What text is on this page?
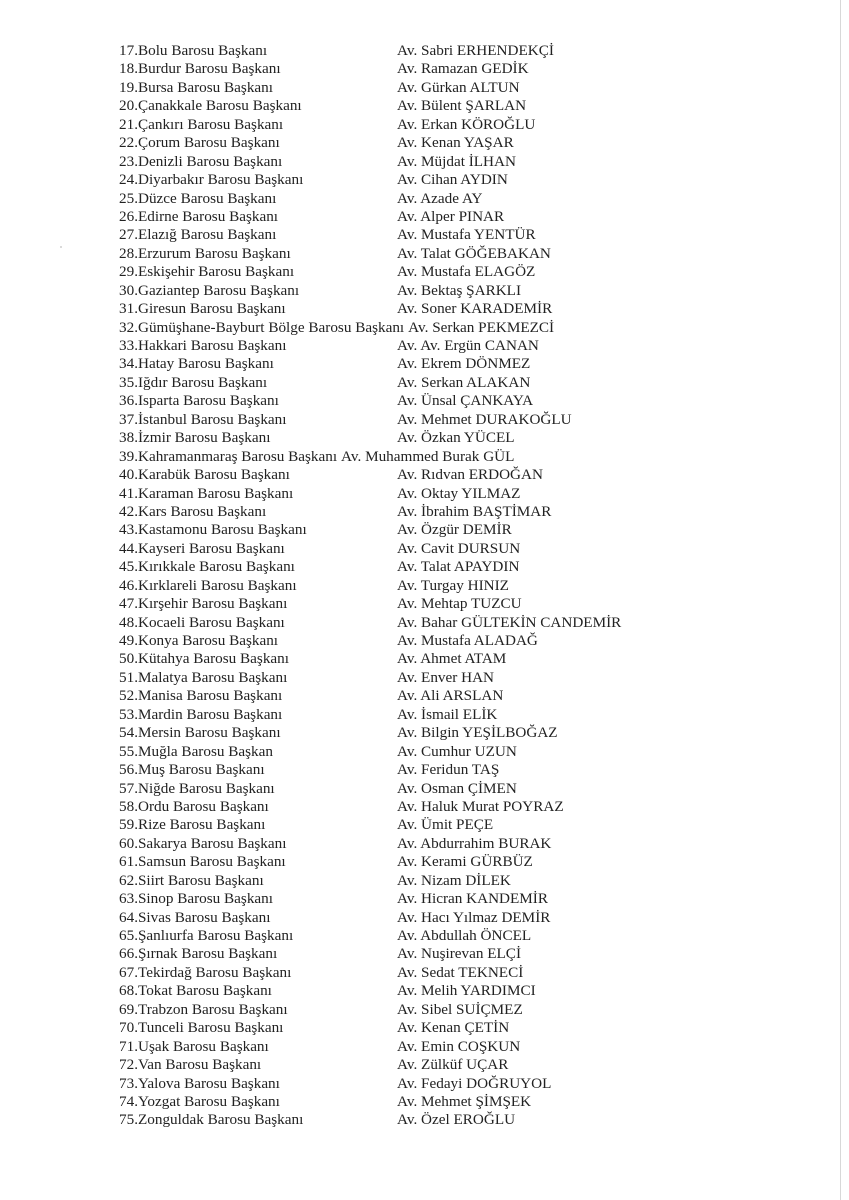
17.Bolu Barosu Başkanı	Av. Sabri ERHENDEKÇİ
18.Burdur Barosu Başkanı	Av. Ramazan GEDİK
19.Bursa Barosu Başkanı	Av. Gürkan ALTUN
20.Çanakkale Barosu Başkanı	Av. Bülent ŞARLAN
21.Çankırı Barosu Başkanı	Av. Erkan KÖROĞLU
22.Çorum Barosu Başkanı	Av. Kenan YAŞAR
23.Denizli Barosu Başkanı	Av. Müjdat İLHAN
24.Diyarbakır Barosu Başkanı	Av. Cihan AYDIN
25.Düzce Barosu Başkanı	Av. Azade AY
26.Edirne Barosu Başkanı	Av. Alper PINAR
27.Elazığ Barosu Başkanı	Av. Mustafa YENTÜR
28.Erzurum Barosu Başkanı	Av. Talat GÖĞEBAKAN
29.Eskişehir Barosu Başkanı	Av. Mustafa ELAGÖZ
30.Gaziantep Barosu Başkanı	Av. Bektaş ŞARKLI
31.Giresun Barosu Başkanı	Av. Soner KARADEMİR
32.Gümüşhane-Bayburt Bölge Barosu Başkanı Av. Serkan PEKMEZCİ
33.Hakkari Barosu Başkanı	Av. Av. Ergün CANAN
34.Hatay Barosu Başkanı	Av. Ekrem DÖNMEZ
35.Iğdır Barosu Başkanı	Av. Serkan ALAKAN
36.Isparta Barosu Başkanı	Av. Ünsal ÇANKAYA
37.İstanbul Barosu Başkanı	Av. Mehmet DURAKOĞLU
38.İzmir Barosu Başkanı	Av. Özkan YÜCEL
39.Kahramanmaraş Barosu Başkanı Av. Muhammed Burak GÜL
40.Karabük Barosu Başkanı	Av. Rıdvan ERDOĞAN
41.Karaman Barosu Başkanı	Av. Oktay YILMAZ
42.Kars Barosu Başkanı	Av. İbrahim BAŞTİMAR
43.Kastamonu Barosu Başkanı	Av. Özgür DEMİR
44.Kayseri Barosu Başkanı	Av. Cavit DURSUN
45.Kırıkkale Barosu Başkanı	Av. Talat APAYDIN
46.Kırklareli Barosu Başkanı	Av. Turgay HINIZ
47.Kırşehir Barosu Başkanı	Av. Mehtap TUZCU
48.Kocaeli Barosu Başkanı	Av. Bahar GÜLTEKİN CANDEMİR
49.Konya Barosu Başkanı	Av. Mustafa ALADAĞ
50.Kütahya Barosu Başkanı	Av. Ahmet ATAM
51.Malatya Barosu Başkanı	Av. Enver HAN
52.Manisa Barosu Başkanı	Av. Ali ARSLAN
53.Mardin Barosu Başkanı	Av. İsmail ELİK
54.Mersin Barosu Başkanı	Av. Bilgin YEŞİLBOĞAZ
55.Muğla Barosu Başkan	Av. Cumhur UZUN
56.Muş Barosu Başkanı	Av. Feridun TAŞ
57.Niğde Barosu Başkanı	Av. Osman ÇİMEN
58.Ordu Barosu Başkanı	Av. Haluk Murat POYRAZ
59.Rize Barosu Başkanı	Av. Ümit PEÇE
60.Sakarya Barosu Başkanı	Av. Abdurrahim BURAK
61.Samsun Barosu Başkanı	Av. Kerami GÜRBÜZ
62.Siirt Barosu Başkanı	Av. Nizam DİLEK
63.Sinop Barosu Başkanı	Av. Hicran KANDEMİR
64.Sivas Barosu Başkanı	Av. Hacı Yılmaz DEMİR
65.Şanlıurfa Barosu Başkanı	Av. Abdullah ÖNCEL
66.Şırnak Barosu Başkanı	Av. Nuşirevan ELÇİ
67.Tekirdağ Barosu Başkanı	Av. Sedat TEKNECİ
68.Tokat Barosu Başkanı	Av. Melih YARDIMCI
69.Trabzon Barosu Başkanı	Av. Sibel SUİÇMEZ
70.Tunceli Barosu Başkanı	Av. Kenan ÇETİN
71.Uşak Barosu Başkanı	Av. Emin COŞKUN
72.Van Barosu Başkanı	Av. Zülküf UÇAR
73.Yalova Barosu Başkanı	Av. Fedayi DOĞRUYOL
74.Yozgat Barosu Başkanı	Av. Mehmet ŞİMŞEK
75.Zonguldak Barosu Başkanı	Av. Özel EROĞLU
